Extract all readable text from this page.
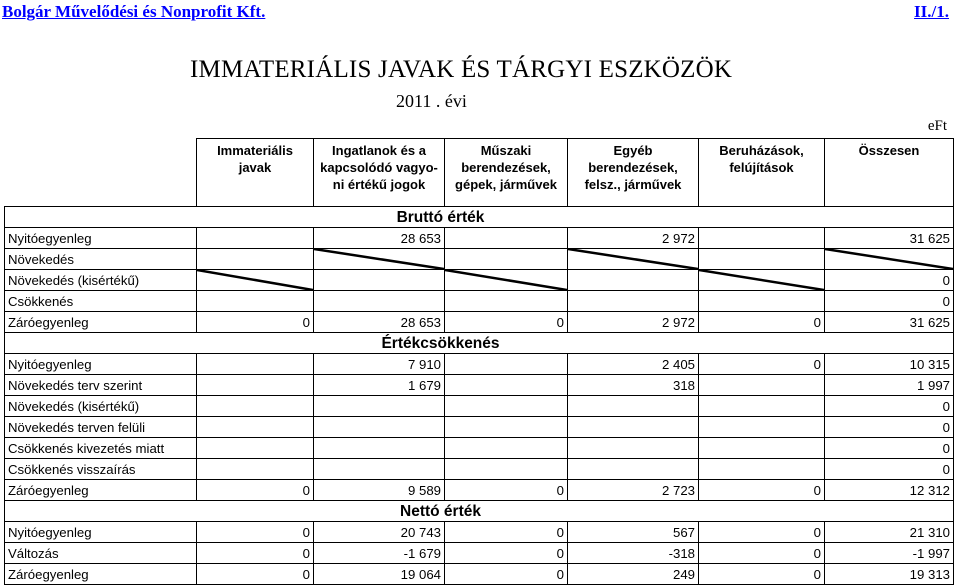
Bolgár Művelődési és Nonprofit Kft.	II./1.
IMMATERIÁLIS JAVAK ÉS TÁRGYI ESZKÖZÖK
2011 . évi
eFt
	Immateriális javak	Ingatlanok és a kapcsolódó vagyo-ni értékű jogok	Műszaki berendezések, gépek, járművek	Egyéb berendezések, felsz., járművek	Beruházások, felújítások	Összesen
		Bruttó érték				
Nyitóegyenleg		28 653		2 972		31 625
Növekedés		

Növekedés (kisértékű)						0
Csökkenés						0
Záróegyenleg	0	28 653	0	2 972	0	31 625
		Értékcsökkenés				
Nyitóegyenleg		7 910		2 405	0	10 315
Növekedés terv szerint		1 679		318		1 997
Növekedés (kisértékű)						0
Növekedés terven felüli						0
Csökkenés kivezetés miatt						0
Csökkenés visszaírás						0
Záróegyenleg	0	9 589	0	2 723	0	12 312
		Nettó érték				
Nyitóegyenleg	0	20 743	0	567	0	21 310
Változás	0	-1 679	0	-318	0	-1 997
Záróegyenleg	0	19 064	0	249	0	19 313
